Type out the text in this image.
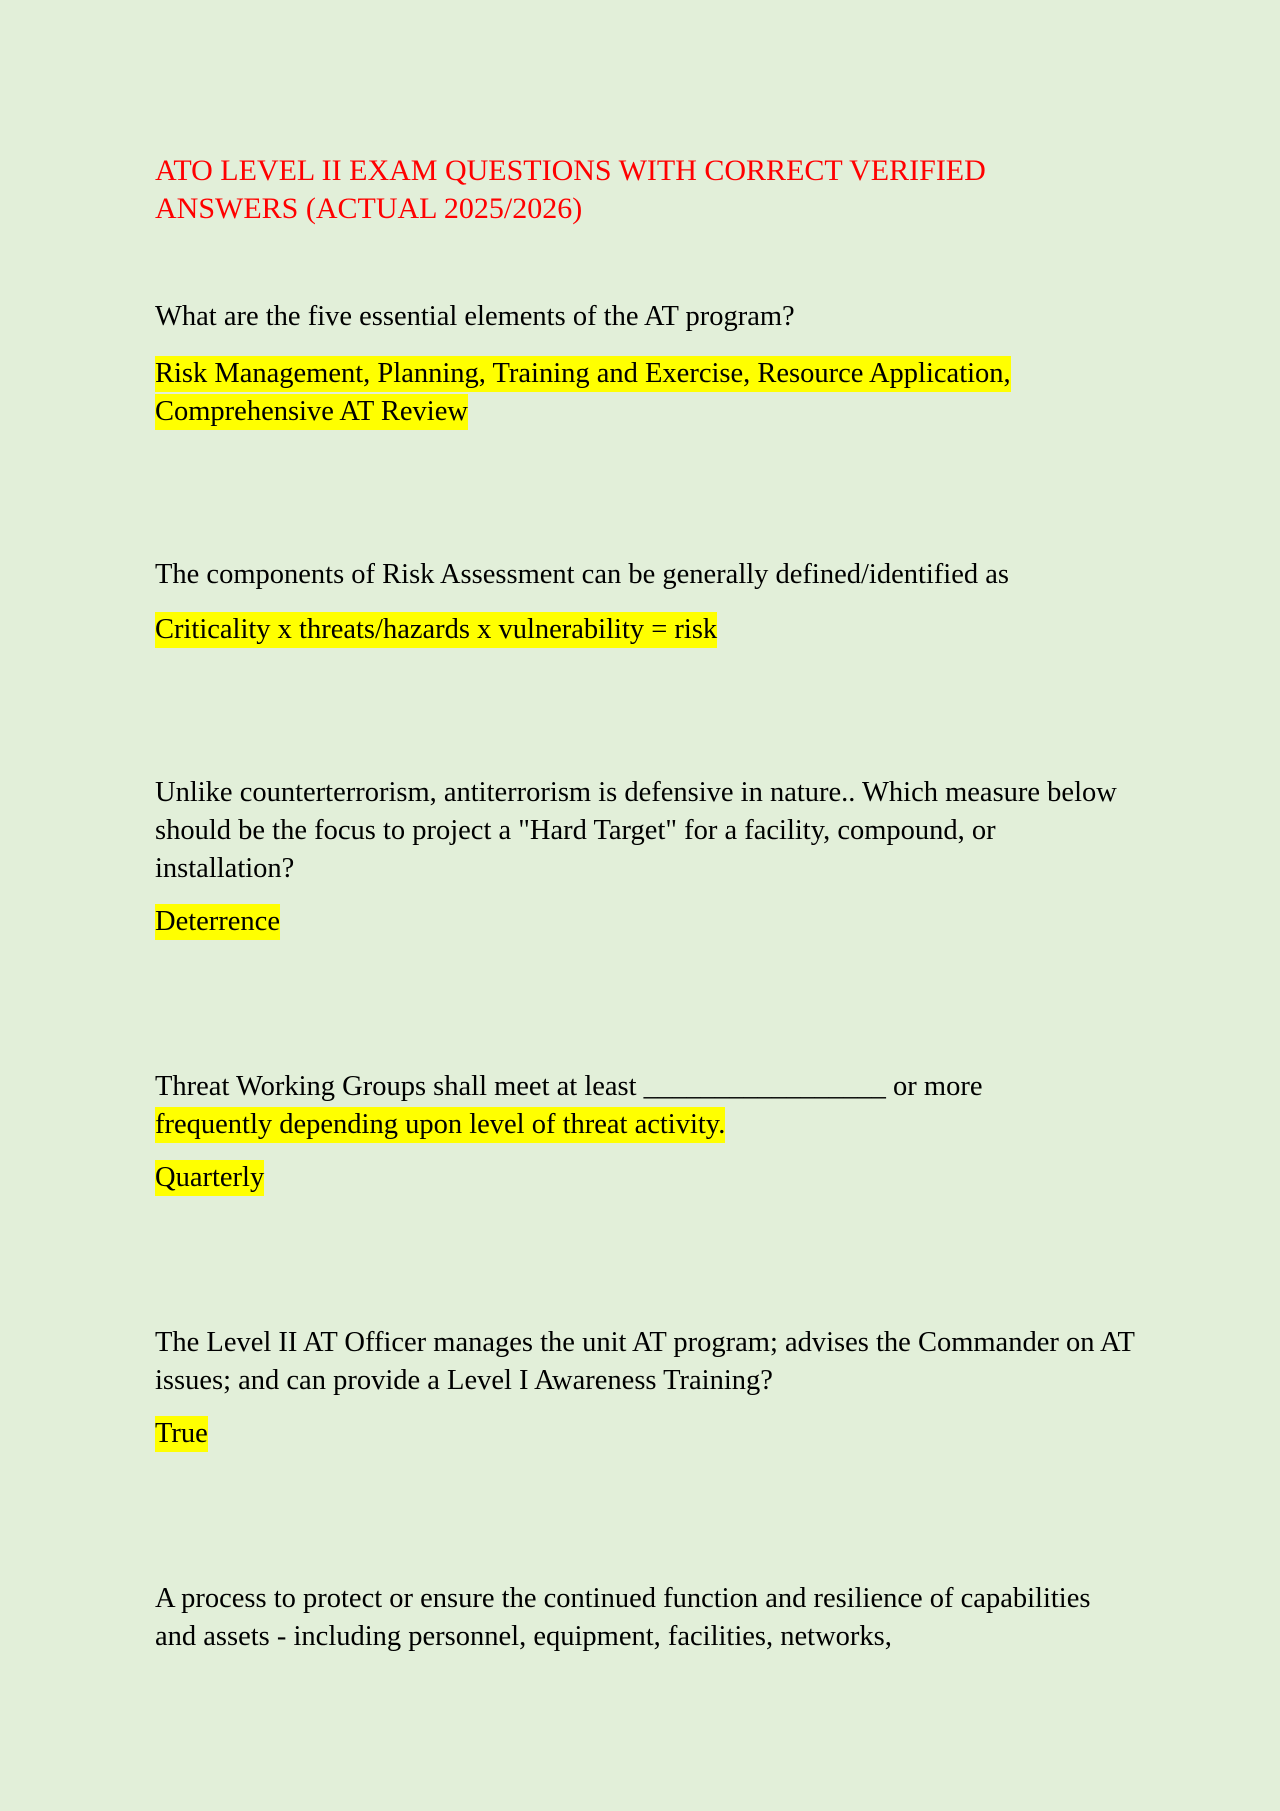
ATO LEVEL II EXAM QUESTIONS WITH CORRECT VERIFIED ANSWERS (ACTUAL 2025/2026)

What are the five essential elements of the AT program?

Risk Management, Planning, Training and Exercise, Resource Application, Comprehensive AT Review

The components of Risk Assessment can be generally defined/identified as

Criticality x threats/hazards x vulnerability = risk

Unlike counterterrorism, antiterrorism is defensive in nature.. Which measure below should be the focus to project a "Hard Target" for a facility, compound, or installation?

Deterrence

Threat Working Groups shall meet at least _________________ or more
frequently depending upon level of threat activity.

Quarterly

The Level II AT Officer manages the unit AT program; advises the Commander on AT issues; and can provide a Level I Awareness Training?

True

A process to protect or ensure the continued function and resilience of capabilities and assets - including personnel, equipment, facilities, networks,
